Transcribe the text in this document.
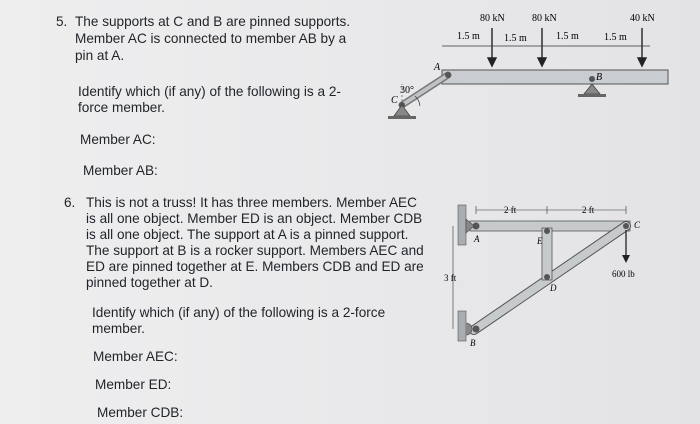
5. The supports at C and B are pinned supports.
Member AC is connected to member AB by a
pin at A.
Identify which (if any) of the following is a 2-
force member.
Member AC:
Member AB:
6. This is not a truss! It has three members. Member AEC
is all one object. Member ED is an object. Member CDB
is all one object. The support at A is a pinned support.
The support at B is a rocker support. Members AEC and
ED are pinned together at E. Members CDB and ED are
pinned together at D.
Identify which (if any) of the following is a 2-force
member.
Member AEC:
Member ED:
Member CDB:
30°
C
A
B
80 kN	80 kN	40 kN
1.5 m 1.5 m	1.5 m	1.5 m
A	E
D
C
B
2 ft	2 ft
3 ft	600 lb
